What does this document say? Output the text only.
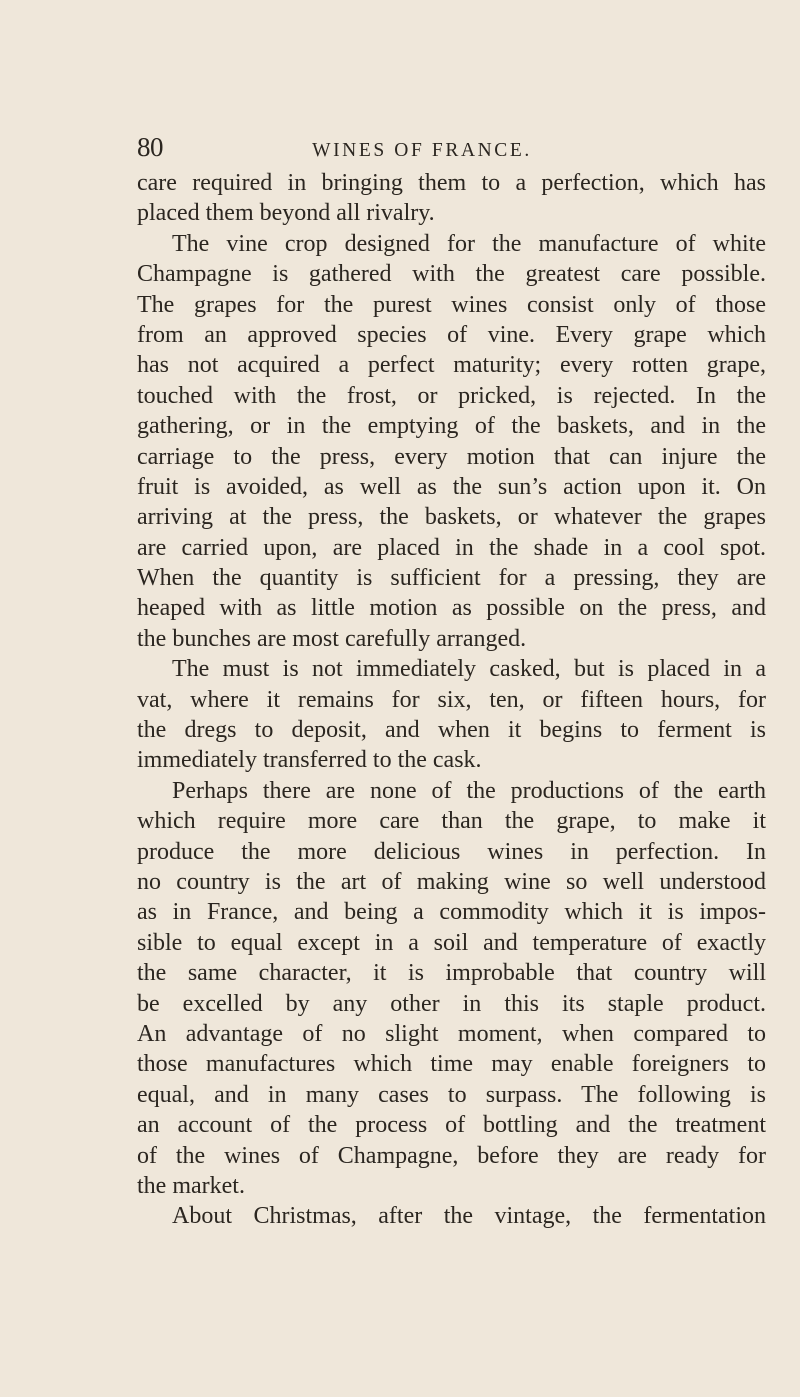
80	WINES OF FRANCE.
care required in bringing them to a perfection, which has
placed them beyond all rivalry.
The vine crop designed for the manufacture of white
Champagne is gathered with the greatest care possible.
The grapes for the purest wines consist only of those
from an approved species of vine. Every grape which
has not acquired a perfect maturity; every rotten grape,
touched with the frost, or pricked, is rejected. In the
gathering, or in the emptying of the baskets, and in the
carriage to the press, every motion that can injure the
fruit is avoided, as well as the sun’s action upon it. On
arriving at the press, the baskets, or whatever the grapes
are carried upon, are placed in the shade in a cool spot.
When the quantity is sufficient for a pressing, they are
heaped with as little motion as possible on the press, and
the bunches are most carefully arranged.
The must is not immediately casked, but is placed in a
vat, where it remains for six, ten, or fifteen hours, for
the dregs to deposit, and when it begins to ferment is
immediately transferred to the cask.
Perhaps there are none of the productions of the earth
which require more care than the grape, to make it
produce the more delicious wines in perfection. In
no country is the art of making wine so well understood
as in France, and being a commodity which it is impos-
sible to equal except in a soil and temperature of exactly
the same character, it is improbable that country will
be excelled by any other in this its staple product.
An advantage of no slight moment, when compared to
those manufactures which time may enable foreigners to
equal, and in many cases to surpass. The following is
an account of the process of bottling and the treatment
of the wines of Champagne, before they are ready for
the market.
About Christmas, after the vintage, the fermentation
